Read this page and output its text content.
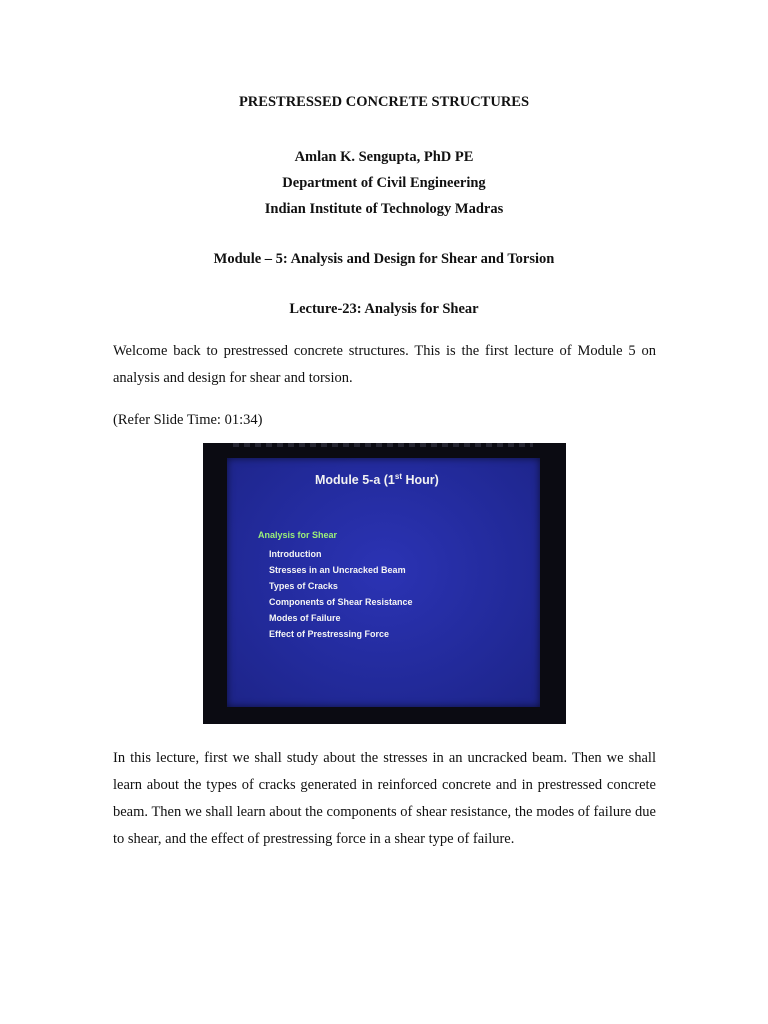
PRESTRESSED CONCRETE STRUCTURES
Amlan K. Sengupta, PhD PE
Department of Civil Engineering
Indian Institute of Technology Madras
Module – 5: Analysis and Design for Shear and Torsion
Lecture-23: Analysis for Shear
Welcome back to prestressed concrete structures. This is the first lecture of Module 5 on analysis and design for shear and torsion.
(Refer Slide Time: 01:34)
Module 5-a (1st Hour)
Analysis for Shear
Introduction
Stresses in an Uncracked Beam
Types of Cracks
Components of Shear Resistance
Modes of Failure
Effect of Prestressing Force
In this lecture, first we shall study about the stresses in an uncracked beam. Then we shall learn about the types of cracks generated in reinforced concrete and in prestressed concrete beam. Then we shall learn about the components of shear resistance, the modes of failure due to shear, and the effect of prestressing force in a shear type of failure.
